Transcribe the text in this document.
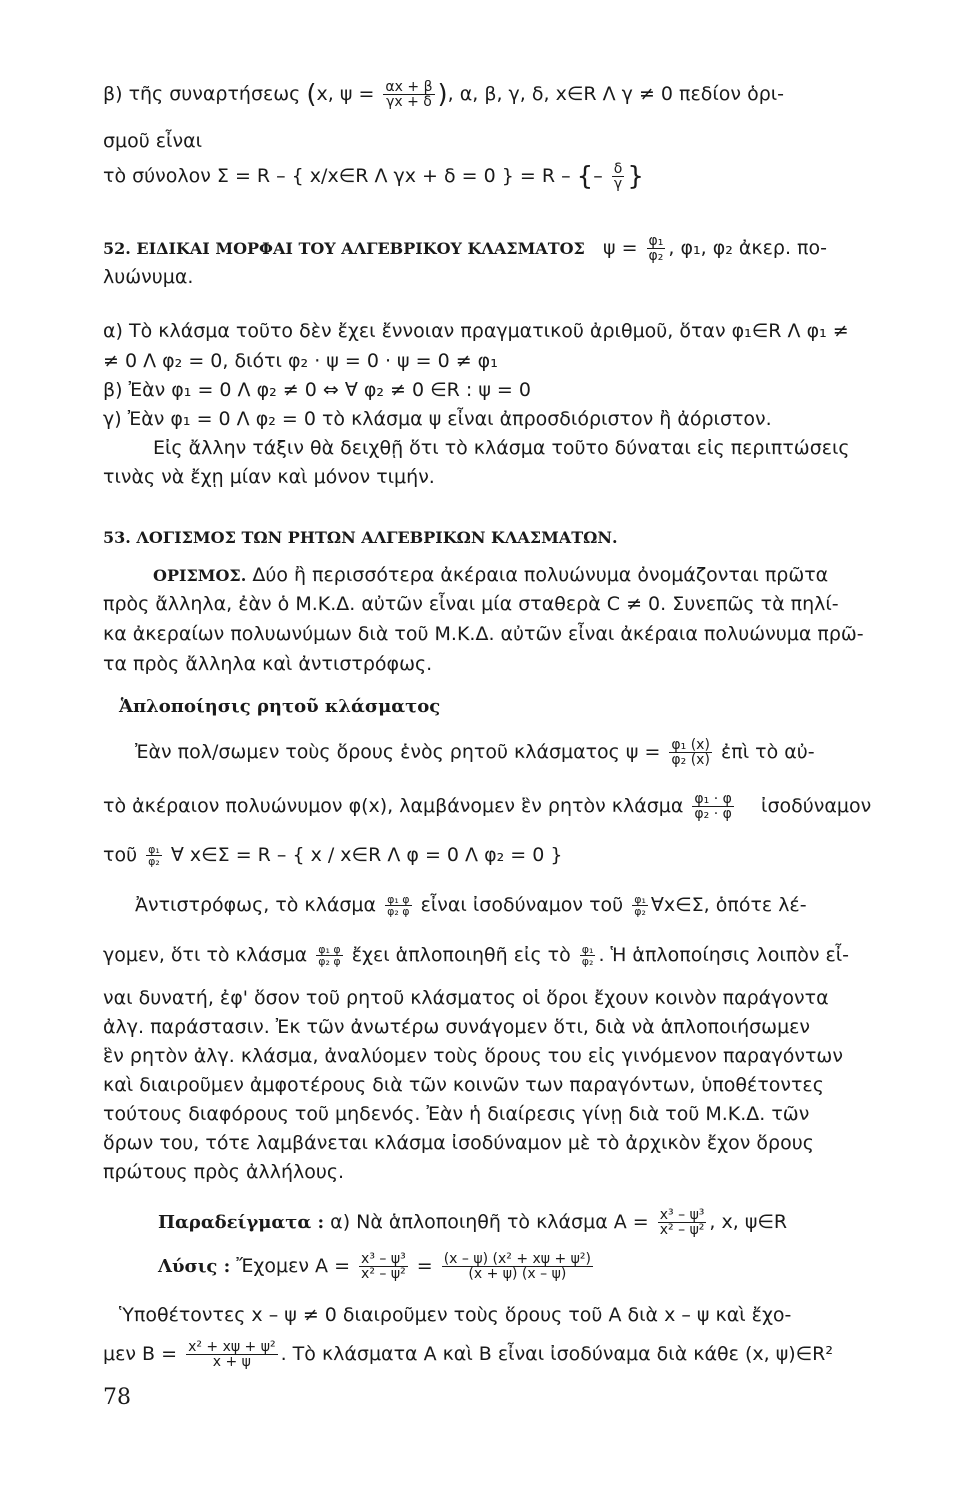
β) τῆς συναρτήσεως (x, $\psi = \frac{\alpha x + \beta}{\gamma x + \delta}$ ), α, β, γ, δ, x∈R Λ γ ≠ 0 πεδίον ὁρι-
σμοῦ εἶναι
τὸ σύνολον Σ = R – { x/x∈R Λ γx + δ = 0 } = R – {– $\frac{\delta}{\gamma}$ }
52. ΕΙΔΙΚΑΙ ΜΟΡΦΑΙ ΤΟΥ ΑΛΓΕΒΡΙΚΟΥ ΚΛΑΣΜΑΤΟΣ $\psi = \frac{\text{φ₁}}{\text{φ₂}}$ , φ₁, φ₂ ἀκερ. πο-
λυώνυμα.
α) Τὸ κλάσμα τοῦτο δὲν ἔχει ἔννοιαν πραγματικοῦ ἀριθμοῦ, ὅταν φ₁∈R Λ φ₁ ≠
≠ 0 Λ φ₂ = 0, διότι φ₂ · ψ = 0 · ψ = 0 ≠ φ₁
β) Ἐὰν φ₁ = 0 Λ φ₂ ≠ 0 ⇔ ∀ φ₂ ≠ 0 ∈R : ψ = 0
γ) Ἐὰν φ₁ = 0 Λ φ₂ = 0 τὸ κλάσμα ψ εἶναι ἀπροσδιόριστον ἢ ἀόριστον.
Εἰς ἄλλην τάξιν θὰ δειχθῇ ὅτι τὸ κλάσμα τοῦτο δύναται εἰς περιπτώσεις
τινὰς νὰ ἔχῃ μίαν καὶ μόνον τιμήν.
53. ΛΟΓΙΣΜΟΣ ΤΩΝ ΡΗΤΩΝ ΑΛΓΕΒΡΙΚΩΝ ΚΛΑΣΜΑΤΩΝ.
ΟΡΙΣΜΟΣ. Δύο ἢ περισσότερα ἀκέραια πολυώνυμα ὀνομάζονται πρῶτα
πρὸς ἄλληλα, ἐὰν ὁ Μ.Κ.Δ. αὐτῶν εἶναι μία σταθερὰ C ≠ 0. Συνεπῶς τὰ πηλί-
κα ἀκεραίων πολυωνύμων διὰ τοῦ Μ.Κ.Δ. αὐτῶν εἶναι ἀκέραια πολυώνυμα πρῶ-
τα πρὸς ἄλληλα καὶ ἀντιστρόφως.
Ἁπλοποίησις ρητοῦ κλάσματος
Ἐὰν πολ/σωμεν τοὺς ὅρους ἑνὸς ρητοῦ κλάσματος $\psi = \frac{\text{φ₁ (x)}}{\text{φ₂ (x)}}$ ἐπὶ τὸ αὐ-
τὸ ἀκέραιον πολυώνυμον φ(x), λαμβάνομεν ἓν ρητὸν κλάσμα $\frac{\text{φ₁ · φ}}{\text{φ₂ · φ}}$ ἰσοδύναμον
τοῦ $\frac{\text{φ₁}}{\text{φ₂}}$ ∀ x∈Σ = R – { x / x∈R Λ φ = 0 Λ φ₂ = 0 }
Ἀντιστρόφως, τὸ κλάσμα $\frac{\text{φ₁ φ}}{\text{φ₂ φ}}$ εἶναι ἰσοδύναμον τοῦ $\frac{\text{φ₁}}{\text{φ₂}}$ ∀x∈Σ, ὁπότε λέ-
γομεν, ὅτι τὸ κλάσμα $\frac{\text{φ₁ φ}}{\text{φ₂ φ}}$ ἔχει ἁπλοποιηθῆ εἰς τὸ $\frac{\text{φ₁}}{\text{φ₂}}$ . Ἡ ἁπλοποίησις λοιπὸν εἶ-
ναι δυνατή, ἐφ' ὅσον τοῦ ρητοῦ κλάσματος οἱ ὅροι ἔχουν κοινὸν παράγοντα
ἀλγ. παράστασιν. Ἐκ τῶν ἀνωτέρω συνάγομεν ὅτι, διὰ νὰ ἁπλοποιήσωμεν
ἓν ρητὸν ἀλγ. κλάσμα, ἀναλύομεν τοὺς ὅρους του εἰς γινόμενον παραγόντων
καὶ διαιροῦμεν ἀμφοτέρους διὰ τῶν κοινῶν των παραγόντων, ὑποθέτοντες
τούτους διαφόρους τοῦ μηδενός. Ἐὰν ἡ διαίρεσις γίνῃ διὰ τοῦ Μ.Κ.Δ. τῶν
ὅρων του, τότε λαμβάνεται κλάσμα ἰσοδύναμον μὲ τὸ ἀρχικὸν ἔχον ὅρους
πρώτους πρὸς ἀλλήλους.
Παραδείγματα : α) Νὰ ἁπλοποιηθῆ τὸ κλάσμα $A = \frac{\text{x³ – ψ³}}{\text{x² – ψ²}}$ , x, ψ∈R
Λύσις : Ἔχομεν $A = \frac{\text{x³ – ψ³}}{\text{x² – ψ²}} = \frac{\text{(x – ψ) (x² + xψ + ψ²)}}{(x + \psi) (x - \psi)}$
Ὑποθέτοντες x – ψ ≠ 0 διαιροῦμεν τοὺς ὅρους τοῦ Α διὰ x – ψ καὶ ἔχο-
μεν $B = \frac{\text{x² + xψ + ψ²}}{x + \psi}$ . Τὸ κλάσματα Α καὶ Β εἶναι ἰσοδύναμα διὰ κάθε (x, ψ)∈R²
78
